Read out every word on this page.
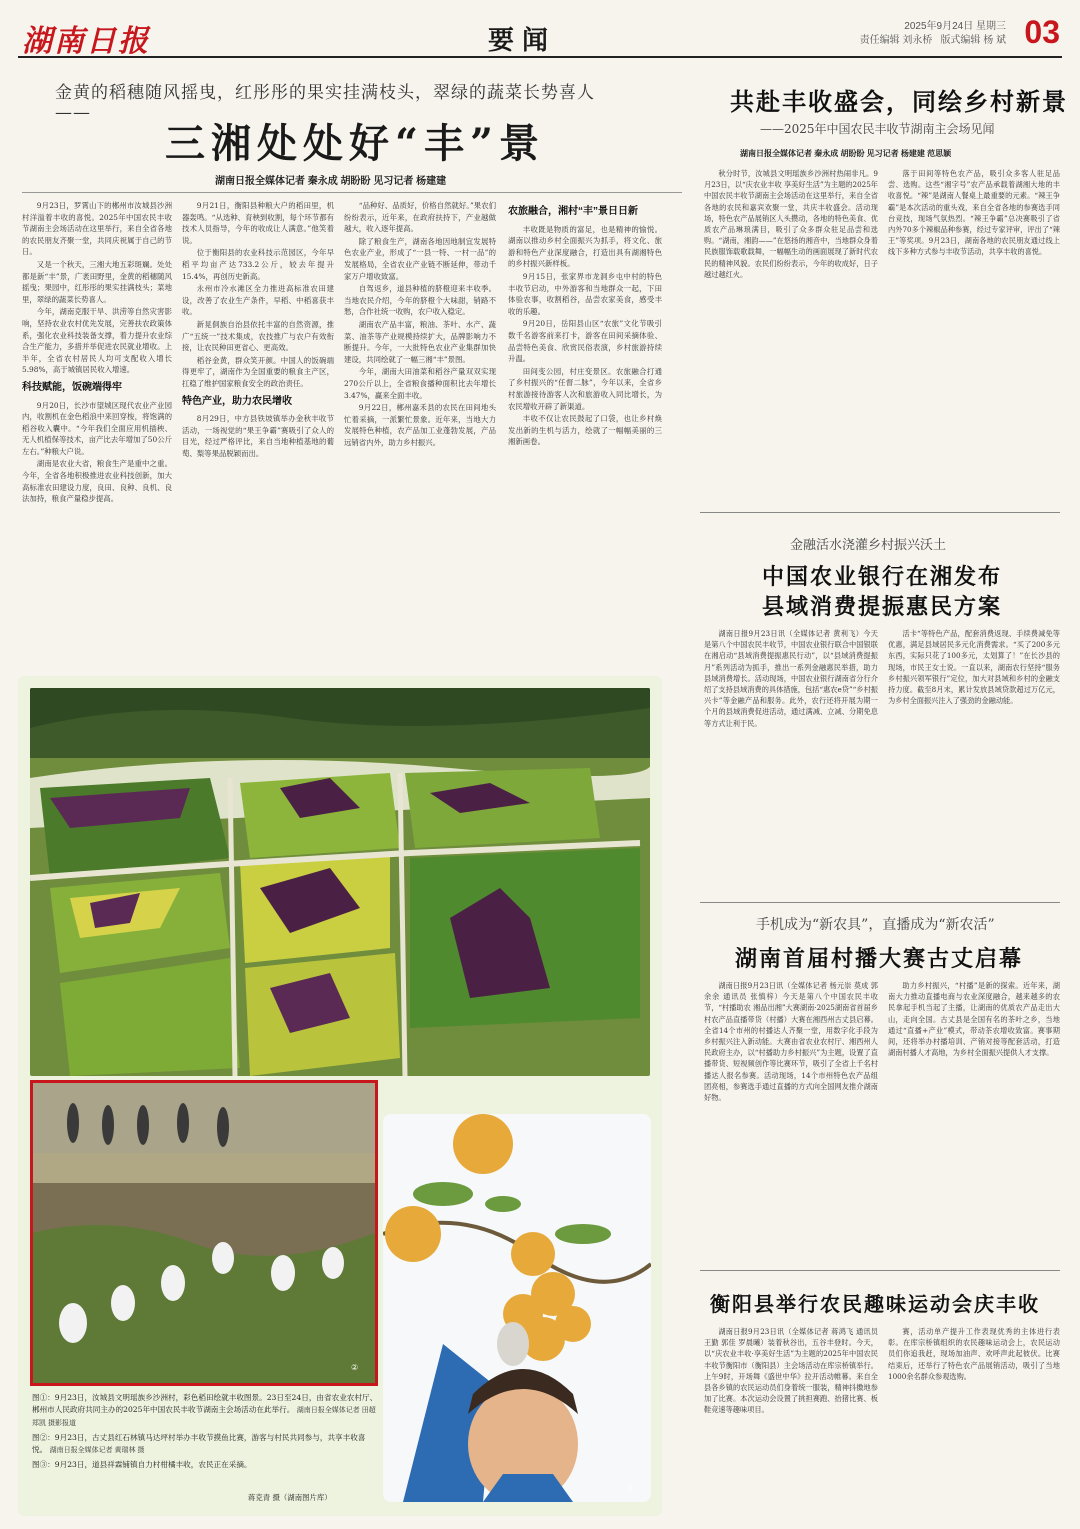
湖南日报	要闻	2025年9月24日 星期三
责任编辑 刘永桥 版式编辑 杨 斌 03
金黄的稻穗随风摇曳，红彤彤的果实挂满枝头，翠绿的蔬菜长势喜人——
三湘处处好“丰”景
湖南日报全媒体记者 秦永成 胡盼盼 见习记者 杨建建

9月23日，罗霄山下的郴州市汝城县沙洲村洋溢着丰收的喜悦。2025年中国农民丰收节湖南主会场活动在这里举行，来自全省各地的农民朋友齐聚一堂，共同庆祝属于自己的节日。

又是一个秋天，三湘大地五彩斑斓。处处都是新“丰”景，广袤田野里，金黄的稻穗随风摇曳；果园中，红彤彤的果实挂满枝头；菜地里，翠绿的蔬菜长势喜人。

今年，湖南克服干旱、洪涝等自然灾害影响，坚持农业农村优先发展，完善扶农政策体系，强化农业科技装备支撑，着力提升农业综合生产能力，多措并举促进农民就业增收。上半年，全省农村居民人均可支配收入增长5.98%，高于城镇居民收入增速。

科技赋能，饭碗端得牢

9月20日，长沙市望城区现代农业产业园内，收割机在金色稻浪中来回穿梭，将饱满的稻谷收入囊中。“今年我们全面应用机插秧、无人机植保等技术，亩产比去年增加了50公斤左右。”种粮大户说。

湖南是农业大省，粮食生产是重中之重。今年，全省各地积极推进农业科技创新，加大高标准农田建设力度，良田、良种、良机、良法加持，粮食产量稳步提高。

9月21日，衡阳县种粮大户的稻田里，机器轰鸣。“从选种、育秧到收割，每个环节都有技术人员指导，今年的收成让人满意。”他笑着说。

位于衡阳县的农业科技示范园区，今年早稻平均亩产达733.2公斤，较去年提升15.4%，再创历史新高。

永州市冷水滩区全力推进高标准农田建设，改善了农业生产条件，早稻、中稻喜获丰收。

新晃侗族自治县依托丰富的自然资源，推广“五统一”技术集成，农技推广与农户有效衔接，让农民种田更省心、更高效。

稻谷金黄，群众笑开颜。中国人的饭碗端得更牢了，湖南作为全国重要的粮食主产区，扛稳了维护国家粮食安全的政治责任。

特色产业，助力农民增收

8月29日，中方县铁坡镇举办金秋丰收节活动，一场视觉的“果王争霸”赛吸引了众人的目光，经过严格评比，来自当地种植基地的葡萄、梨等果品脱颖而出。

“品种好、品质好，价格自然就好。”果农们纷纷表示，近年来，在政府扶持下，产业越做越大，收入逐年提高。

除了粮食生产，湖南各地因地制宜发展特色农业产业，形成了“一县一特、一村一品”的发展格局，全省农业产业链不断延伸，带动千家万户增收致富。

自驾返乡，道县种植的脐橙迎来丰收季。当地农民介绍，今年的脐橙个大味甜，销路不愁，合作社统一收购，农户收入稳定。

湖南农产品丰富，粮油、茶叶、水产、蔬菜、油茶等产业规模持续扩大，品牌影响力不断提升。今年，一大批特色农业产业集群加快建设，共同绘就了一幅三湘“丰”景图。

今年，湖南大田油菜和稻谷产量双双实现270公斤以上，全省粮食播种面积比去年增长3.47%，赢来全面丰收。

9月22日，郴州嘉禾县的农民在田间地头忙着采摘，一派繁忙景象。近年来，当地大力发展特色种植，农产品加工业蓬勃发展，产品远销省内外，助力乡村振兴。

农旅融合，湘村“丰”景日日新

丰收既是物质的富足，也是精神的愉悦。湖南以推动乡村全面振兴为抓手，将文化、旅游和特色产业深度融合，打造出具有湖湘特色的乡村振兴新样板。

9月15日，张家界市龙洞乡屯中村的特色丰收节启动，中外游客和当地群众一起，下田体验农事，收割稻谷，品尝农家美食，感受丰收的乐趣。

9月20日，岳阳县山区“农旅”文化节吸引数千名游客前来打卡，游客在田间采摘体验、品尝特色美食、欣赏民俗表演，乡村旅游持续升温。

田间变公园，村庄变景区。农旅融合打通了乡村振兴的“任督二脉”，今年以来，全省乡村旅游接待游客人次和旅游收入同比增长，为农民增收开辟了新渠道。

丰收不仅让农民鼓起了口袋，也让乡村焕发出新的生机与活力，绘就了一幅幅美丽的三湘新画卷。

共赴丰收盛会，同绘乡村新景
——2025年中国农民丰收节湖南主会场见闻
湖南日报全媒体记者 秦永成 胡盼盼 见习记者 杨建建 范思颖

秋分时节，汝城县文明瑶族乡沙洲村热闹非凡。9月23日，以“庆农业丰收 享美好生活”为主题的2025年中国农民丰收节湖南主会场活动在这里举行，来自全省各地的农民和嘉宾欢聚一堂，共庆丰收盛会。活动现场，特色农产品展销区人头攒动，各地的特色美食、优质农产品琳琅满目，吸引了众多群众驻足品尝和选购。“湖南，湘韵——”在悠扬的湘音中，当地群众身着民族服饰载歌载舞，一幅幅生动的画面展现了新时代农民的精神风貌。农民们纷纷表示，今年的收成好，日子越过越红火。

落于田间等特色农产品，吸引众多客人驻足品尝、选购。这些“湘字号”农产品承载着湖湘大地的丰收喜悦。“辣”是湖南人餐桌上最重要的元素。“辣王争霸”是本次活动的重头戏，来自全省各地的参赛选手同台竞技，现场气氛热烈。“辣王争霸”总决赛吸引了省内外70多个辣椒品种参赛，经过专家评审，评出了“辣王”等奖项。9月23日，湖南各地的农民朋友通过线上线下多种方式参与丰收节活动，共享丰收的喜悦。

金融活水浇灌乡村振兴沃土
中国农业银行在湘发布
县域消费提振惠民方案

湖南日报9月23日讯（全媒体记者 黄利飞）今天是第八个中国农民丰收节，中国农业银行联合中国银联在湘启动“县域消费提振惠民行动”，以“县域消费提振月”系列活动为抓手，推出一系列金融惠民举措，助力县域消费增长。活动现场，中国农业银行湖南省分行介绍了支持县域消费的具体措施，包括“惠农e贷”“乡村振兴卡”等金融产品和服务。此外，农行还将开展为期一个月的县域消费促进活动，通过满减、立减、分期免息等方式让利于民。

活卡“等特色产品，配套消费返现、手续费减免等优惠，满足县域居民多元化消费需求。“买了200多元东西，实际只花了100多元，太划算了！”在长沙县的现场，市民王女士说。一直以来，湖南农行坚持“服务乡村振兴领军银行”定位，加大对县域和乡村的金融支持力度。截至8月末，累计发放县域贷款超过万亿元，为乡村全面振兴注入了强劲的金融动能。

手机成为“新农具”，直播成为“新农活”
湖南首届村播大赛古丈启幕

湖南日报9月23日讯（全媒体记者 杨元崇 莫成 郭余余 通讯员 张慎梓）今天是第八个中国农民丰收节，“村播助农 湘品出湘”大赛湖南·2025湖南省首届乡村农产品直播带货（村播）大赛在湘西州古丈县启幕。全省14个市州的村播达人齐聚一堂，用数字化手段为乡村振兴注入新动能。大赛由省农业农村厅、湘西州人民政府主办，以“村播助力乡村振兴”为主题，设置了直播带货、短视频创作等比赛环节，吸引了全省上千名村播达人报名参赛。活动现场，14个市州特色农产品组团亮相，参赛选手通过直播的方式向全国网友推介湖南好物。

助力乡村振兴，“村播”是新的探索。近年来，湖南大力推动直播电商与农业深度融合，越来越多的农民拿起手机当起了主播，让湖南的优质农产品走出大山，走向全国。古丈县是全国有名的茶叶之乡，当地通过“直播+产业”模式，带动茶农增收致富。赛事期间，还将举办村播培训、产销对接等配套活动，打造湖南村播人才高地，为乡村全面振兴提供人才支撑。

衡阳县举行农民趣味运动会庆丰收

湖南日报9月23日讯（全媒体记者 蒋鸿飞 通讯员 王勤 郭佳 罗晨曦）装着秋谷出，五谷丰登时。今天，以“庆农业丰收·享美好生活”为主题的2025年中国农民丰收节衡阳市（衡阳县）主会场活动在库宗桥镇举行。上午9时，开场舞《盛世中华》拉开活动帷幕。来自全县各乡镇的农民运动员们身着统一服装，精神抖擞地参加了比赛。本次运动会设置了挑担赛跑、抬猪比赛、板鞋竞速等趣味项目。

赛，活动单产提升工作表现优秀的主体进行表彰。在库宗桥镇组织的农民趣味运动会上，农民运动员们你追我赶，现场加油声、欢呼声此起彼伏。比赛结束后，还举行了特色农产品展销活动，吸引了当地1000余名群众参观选购。

②
③
图①：9月23日，汝城县文明瑶族乡沙洲村，彩色稻田绘就丰收图景。23日至24日，由省农业农村厅、郴州市人民政府共同主办的2025年中国农民丰收节湖南主会场活动在此举行。 湖南日报全媒体记者 田超 郑凯 摄影报道
图②：9月23日，古丈县红石林镇马达坪村举办丰收节摸鱼比赛，游客与村民共同参与，共享丰收喜悦。 湖南日报全媒体记者 黄瑞林 摄
图③：9月23日，道县祥霖铺镇自力村柑橘丰收，农民正在采摘。
蒋克青 摄（湖南图片库）
